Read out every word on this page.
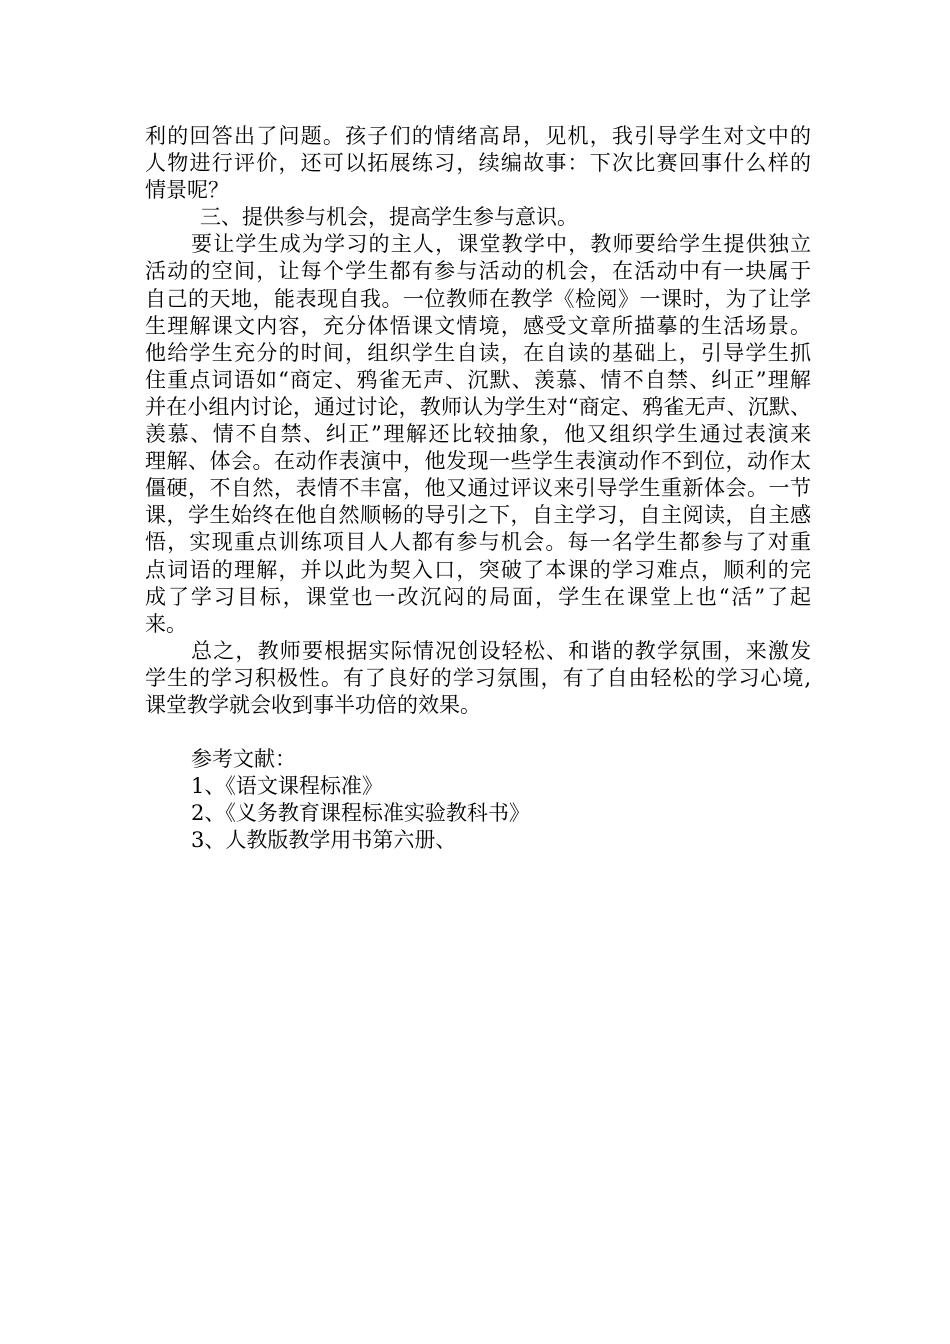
利的回答出了问题。孩子们的情绪高昂，见机，我引导学生对文中的
人物进行评价，还可以拓展练习，续编故事：下次比赛回事什么样的
情景呢？
三、提供参与机会，提高学生参与意识。
要让学生成为学习的主人，课堂教学中，教师要给学生提供独立
活动的空间，让每个学生都有参与活动的机会，在活动中有一块属于
自己的天地，能表现自我。一位教师在教学《检阅》一课时，为了让学
生理解课文内容，充分体悟课文情境，感受文章所描摹的生活场景。
他给学生充分的时间，组织学生自读，在自读的基础上，引导学生抓
住重点词语如“商定、鸦雀无声、沉默、羡慕、情不自禁、纠正”理解
并在小组内讨论，通过讨论，教师认为学生对“商定、鸦雀无声、沉默、
羡慕、情不自禁、纠正”理解还比较抽象，他又组织学生通过表演来
理解、体会。在动作表演中，他发现一些学生表演动作不到位，动作太
僵硬，不自然，表情不丰富，他又通过评议来引导学生重新体会。一节
课，学生始终在他自然顺畅的导引之下，自主学习，自主阅读，自主感
悟，实现重点训练项目人人都有参与机会。每一名学生都参与了对重
点词语的理解，并以此为契入口，突破了本课的学习难点，顺利的完
成了学习目标，课堂也一改沉闷的局面，学生在课堂上也“活”了起
来。
总之，教师要根据实际情况创设轻松、和谐的教学氛围，来激发
学生的学习积极性。有了良好的学习氛围，有了自由轻松的学习心境,
课堂教学就会收到事半功倍的效果。
参考文献：
1、《语文课程标准》
2、《义务教育课程标准实验教科书》
3、人教版教学用书第六册、
